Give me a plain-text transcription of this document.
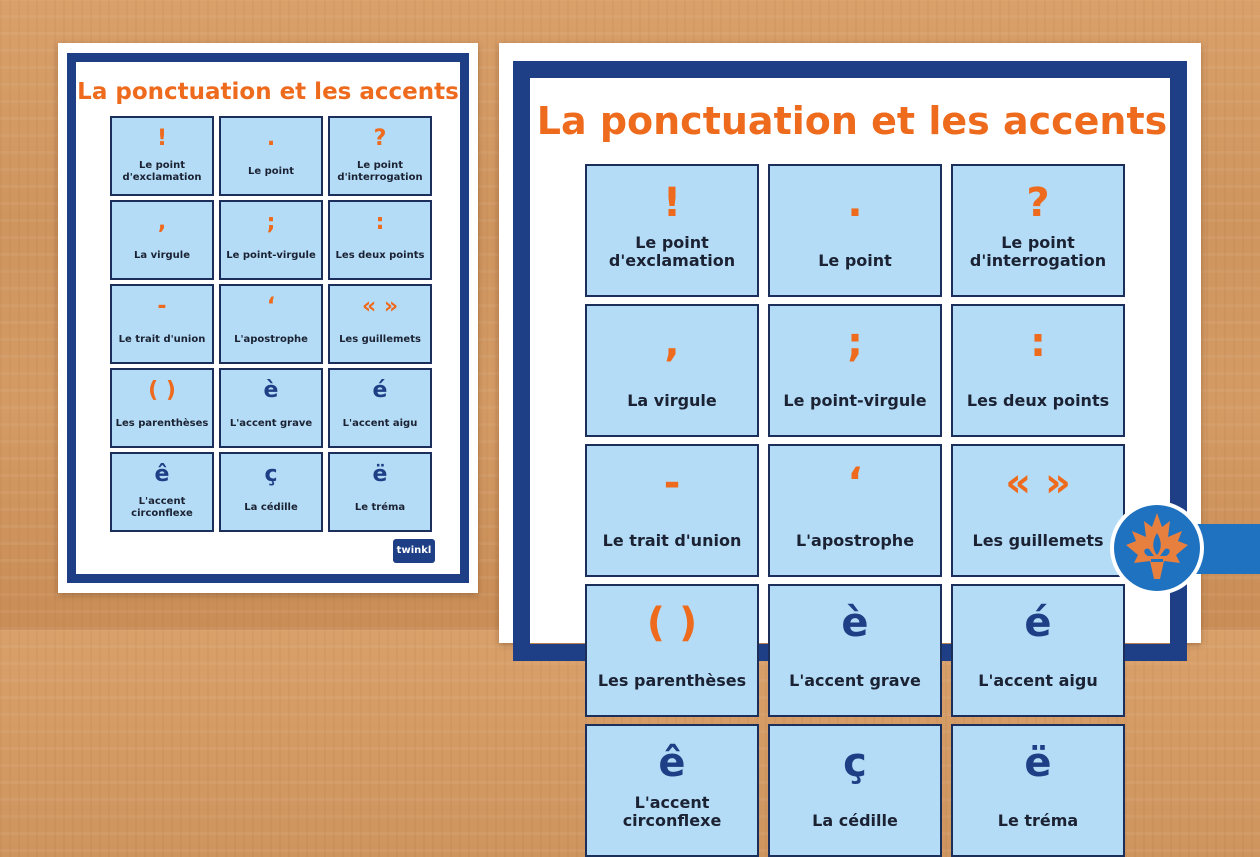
La ponctuation et les accents
!
Le point
d'exclamation
.
Le point
?
Le point
d'interrogation
,
La virgule
;
Le point-virgule
:
Les deux points
-
Le trait d'union
‘
L'apostrophe
« »
Les guillemets
( )
Les parenthèses
è
L'accent grave
é
L'accent aigu
ê
L'accent
circonflexe
ç
La cédille
ë
Le tréma
twinkl
La ponctuation et les accents
!
Le point
d'exclamation
.
Le point
?
Le point
d'interrogation
,
La virgule
;
Le point-virgule
:
Les deux points
-
Le trait d'union
‘
L'apostrophe
« »
Les guillemets
( )
Les parenthèses
è
L'accent grave
é
L'accent aigu
ê
L'accent
circonflexe
ç
La cédille
ë
Le tréma
